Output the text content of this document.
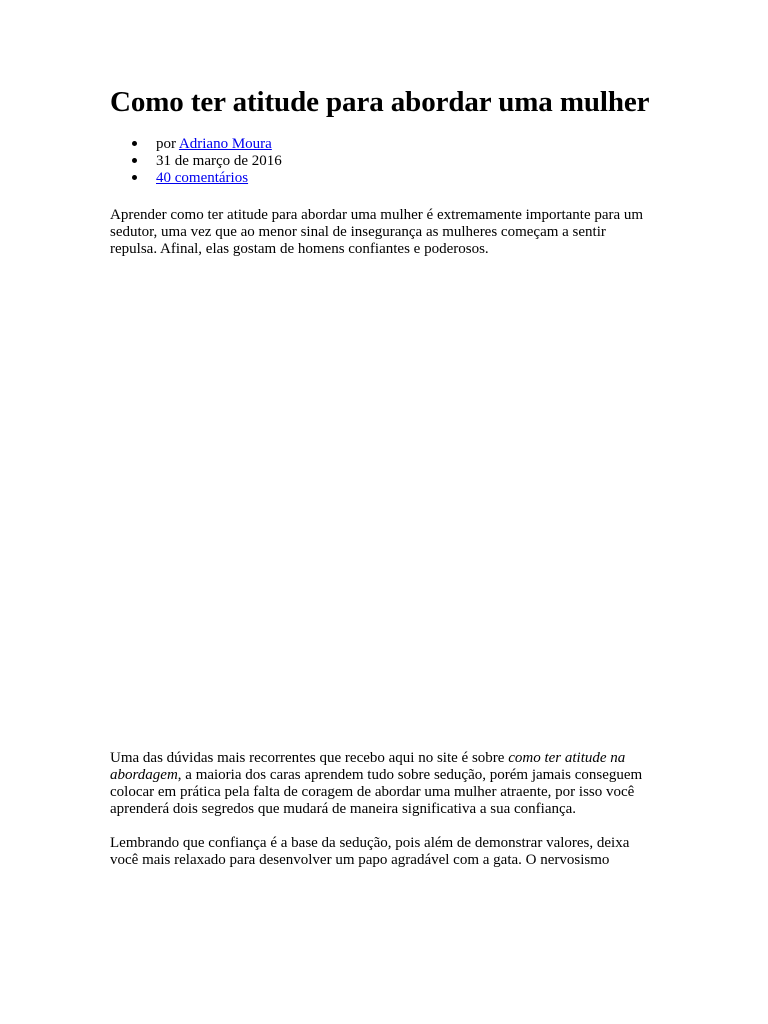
Como ter atitude para abordar uma mulher
por Adriano Moura
31 de março de 2016
40 comentários

Aprender como ter atitude para abordar uma mulher é extremamente importante para um sedutor, uma vez que ao menor sinal de insegurança as mulheres começam a sentir repulsa. Afinal, elas gostam de homens confiantes e poderosos.

Uma das dúvidas mais recorrentes que recebo aqui no site é sobre como ter atitude na abordagem, a maioria dos caras aprendem tudo sobre sedução, porém jamais conseguem colocar em prática pela falta de coragem de abordar uma mulher atraente, por isso você aprenderá dois segredos que mudará de maneira significativa a sua confiança.

Lembrando que confiança é a base da sedução, pois além de demonstrar valores, deixa você mais relaxado para desenvolver um papo agradável com a gata. O nervosismo
